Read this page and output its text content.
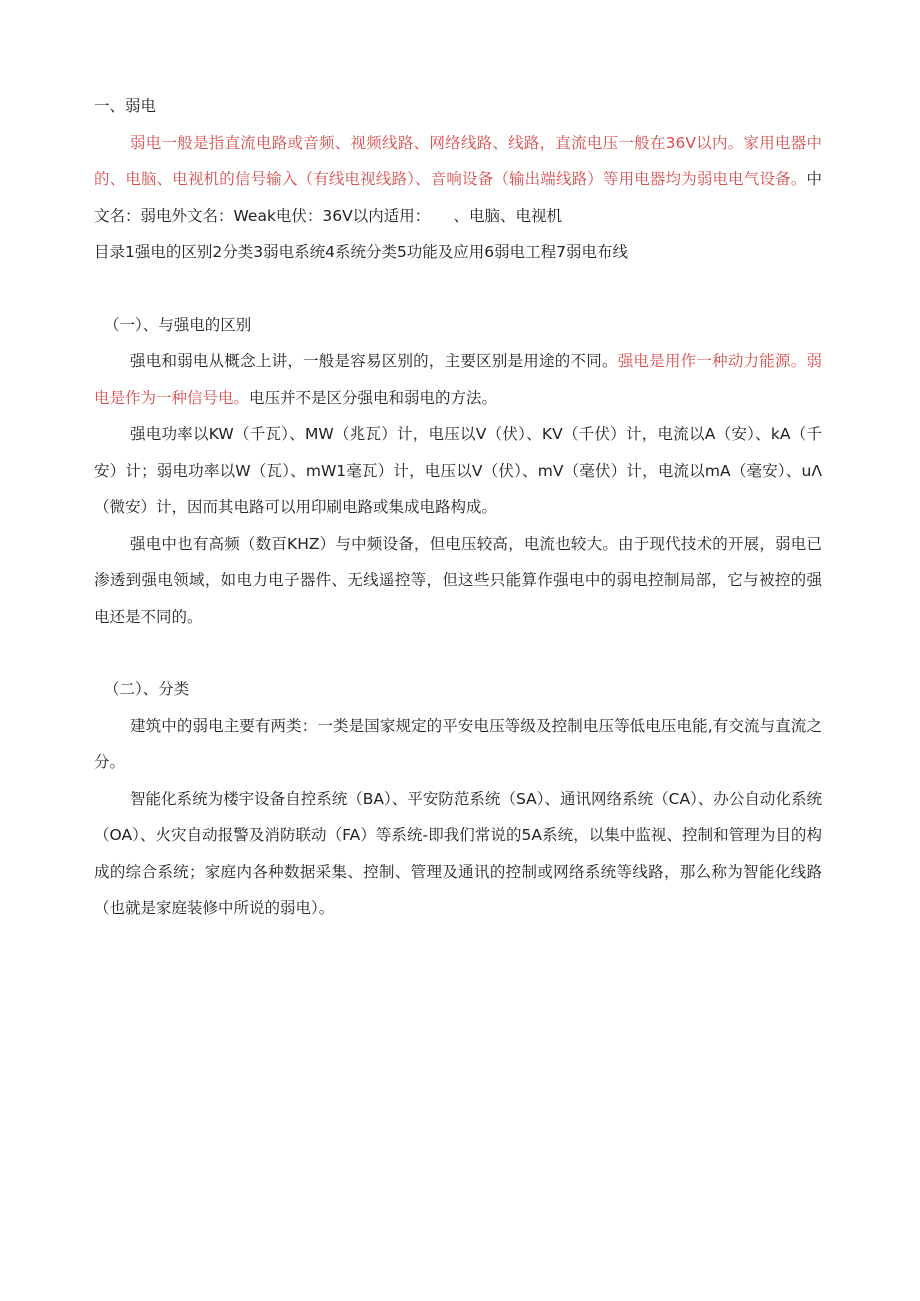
一、弱电

弱电一般是指直流电路或音频、视频线路、网络线路、线路，直流电压一般在36V以内。家用电器中的、电脑、电视机的信号输入（有线电视线路）、音响设备（输出端线路）等用电器均为弱电电气设备。中文名：弱电外文名：Weak电伏：36V以内适用：　　、电脑、电视机

目录1强电的区别2分类3弱电系统4系统分类5功能及应用6弱电工程7弱电布线

（一）、与强电的区别

强电和弱电从概念上讲，一般是容易区别的，主要区别是用途的不同。强电是用作一种动力能源。弱电是作为一种信号电。电压并不是区分强电和弱电的方法。

强电功率以KW（千瓦）、MW（兆瓦）计，电压以V（伏）、KV（千伏）计，电流以A（安）、kA（千安）计；弱电功率以W（瓦）、mW1毫瓦）计，电压以V（伏）、mV（毫伏）计，电流以mA（毫安）、uΛ（微安）计，因而其电路可以用印刷电路或集成电路构成。

强电中也有高频（数百KHZ）与中频设备，但电压较高，电流也较大。由于现代技术的开展，弱电已渗透到强电领域，如电力电子器件、无线遥控等，但这些只能算作强电中的弱电控制局部，它与被控的强电还是不同的。

（二）、分类

建筑中的弱电主要有两类：一类是国家规定的平安电压等级及控制电压等低电压电能,有交流与直流之分。

智能化系统为楼宇设备自控系统（BA）、平安防范系统（SA）、通讯网络系统（CA）、办公自动化系统（OA）、火灾自动报警及消防联动（FA）等系统-即我们常说的5A系统，以集中监视、控制和管理为目的构成的综合系统；家庭内各种数据采集、控制、管理及通讯的控制或网络系统等线路，那么称为智能化线路（也就是家庭装修中所说的弱电）。
